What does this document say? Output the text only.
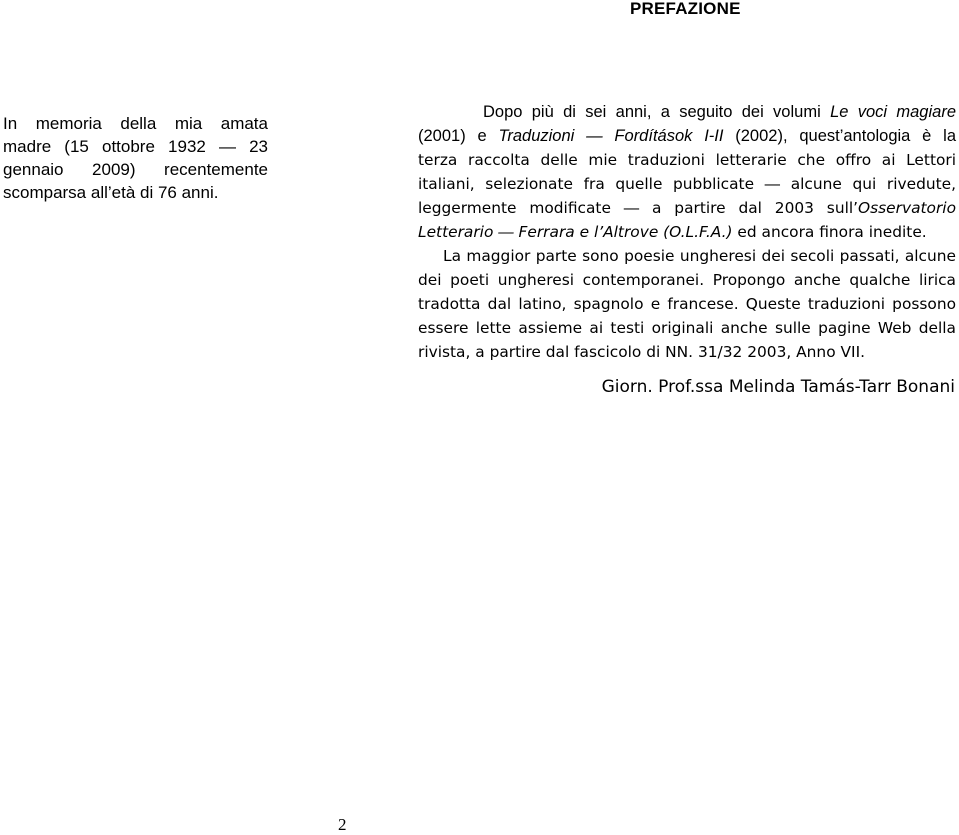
PREFAZIONE
In memoria della mia amata
madre (15 ottobre 1932 ― 23
gennaio 2009) recentemente
scomparsa all’età di 76 anni.
Dopo più di sei anni, a seguito dei volumi Le voci magiare
(2001) e Traduzioni ― Fordítások I-II (2002), quest’antologia è la
terza raccolta delle mie traduzioni letterarie che offro ai Lettori
italiani, selezionate fra quelle pubblicate ― alcune qui rivedute,
leggermente modificate ― a partire dal 2003 sull’Osservatorio
Letterario ― Ferrara e l’Altrove (O.L.F.A.) ed ancora finora inedite.
La maggior parte sono poesie ungheresi dei secoli passati, alcune
dei poeti ungheresi contemporanei. Propongo anche qualche lirica
tradotta dal latino, spagnolo e francese. Queste traduzioni possono
essere lette assieme ai testi originali anche sulle pagine Web della
rivista, a partire dal fascicolo di NN. 31/32 2003, Anno VII.
Giorn. Prof.ssa Melinda Tamás-Tarr Bonani
2
